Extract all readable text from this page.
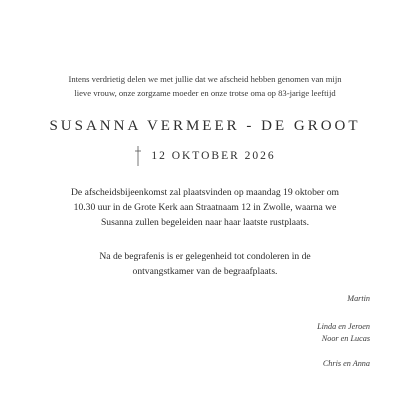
Intens verdrietig delen we met jullie dat we afscheid hebben genomen van mijn
lieve vrouw, onze zorgzame moeder en onze trotse oma op 83-jarige leeftijd
SUSANNA VERMEER - DE GROOT
12 OKTOBER 2026
De afscheidsbijeenkomst zal plaatsvinden op maandag 19 oktober om
10.30 uur in de Grote Kerk aan Straatnaam 12 in Zwolle, waarna we
Susanna zullen begeleiden naar haar laatste rustplaats.
Na de begrafenis is er gelegenheid tot condoleren in de
ontvangstkamer van de begraafplaats.
Martin
Linda en Jeroen
Noor en Lucas
Chris en Anna
